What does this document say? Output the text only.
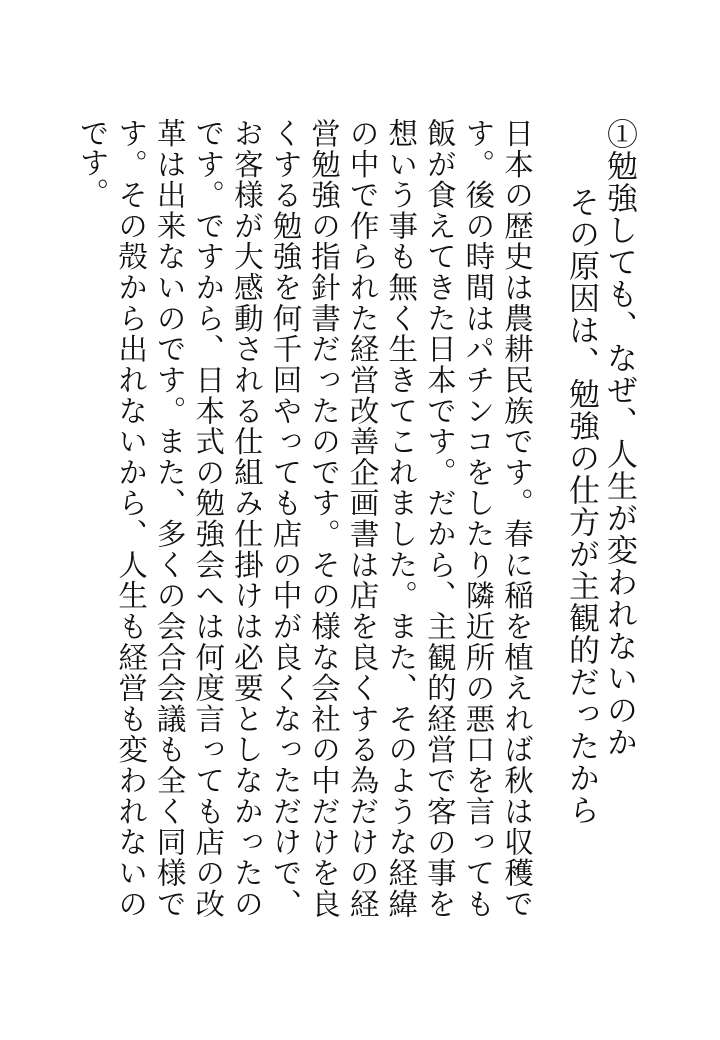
①勉強しても、なぜ、人生が変われないのか
その原因は、勉強の仕方が主観的だったから
日本の歴史は農耕民族です。春に稲を植えれば秋は収穫です。後の時間はパチンコをしたり隣近所の悪口を言っても飯が食えてきた日本です。だから、主観的経営で客の事を想いう事も無く生きてこれました。また、そのような経緯の中で作られた経営改善企画書は店を良くする為だけの経営勉強の指針書だったのです。その様な会社の中だけを良くする勉強を何千回やっても店の中が良くなっただけで、お客様が大感動される仕組み仕掛けは必要としなかったのです。ですから、日本式の勉強会へは何度言っても店の改革は出来ないのです。また、多くの会合会議も全く同様です。その殻から出れないから、人生も経営も変われないのです。
